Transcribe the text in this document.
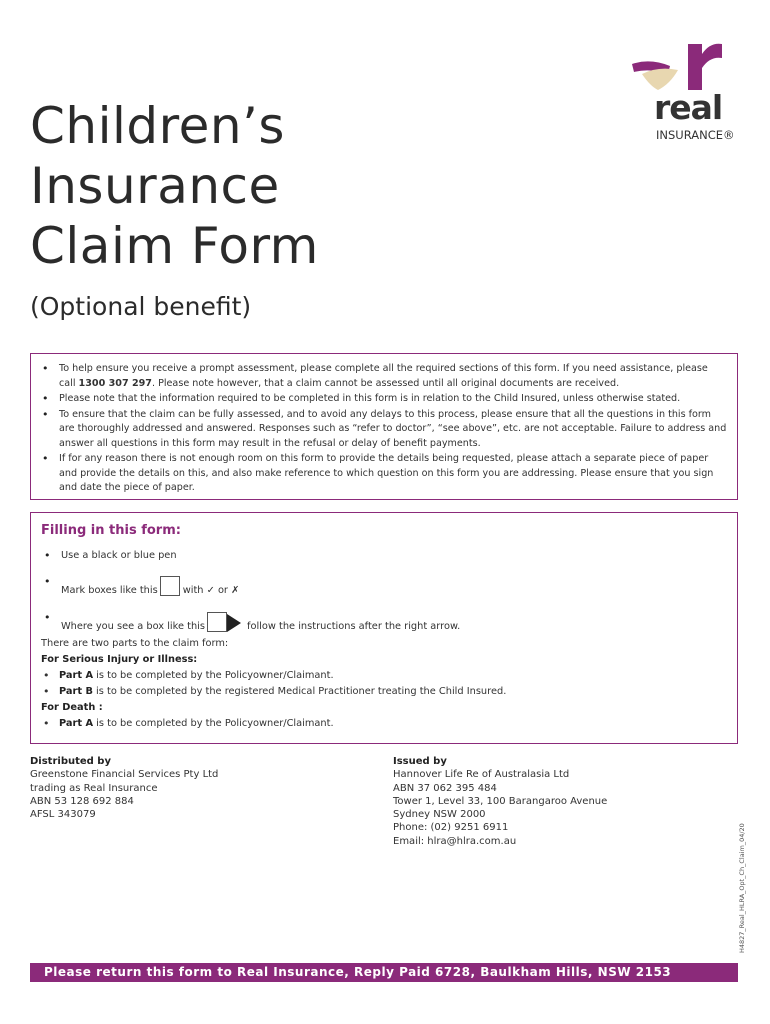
Children’s
Insurance
Claim Form
(Optional benefit)
real
INSURANCE®
• To help ensure you receive a prompt assessment, please complete all the required sections of this form. If you need assistance, please call 1300 307 297. Please note however, that a claim cannot be assessed until all original documents are received.
• Please note that the information required to be completed in this form is in relation to the Child Insured, unless otherwise stated.
• To ensure that the claim can be fully assessed, and to avoid any delays to this process, please ensure that all the questions in this form are thoroughly addressed and answered. Responses such as “refer to doctor”, “see above”, etc. are not acceptable. Failure to address and answer all questions in this form may result in the refusal or delay of benefit payments.
• If for any reason there is not enough room on this form to provide the details being requested, please attach a separate piece of paper and provide the details on this, and also make reference to which question on this form you are addressing. Please ensure that you sign and date the piece of paper.
Filling in this form:
• Use a black or blue pen
• Mark boxes like this	with ✓ or ✗
• Where you see a box like this	follow the instructions after the right arrow.
There are two parts to the claim form:
For Serious Injury or Illness:
• Part A is to be completed by the Policyowner/Claimant.
• Part B is to be completed by the registered Medical Practitioner treating the Child Insured.
For Death :
• Part A is to be completed by the Policyowner/Claimant.
Distributed by
Greenstone Financial Services Pty Ltd
trading as Real Insurance
ABN 53 128 692 884
AFSL 343079
Issued by
Hannover Life Re of Australasia Ltd
ABN 37 062 395 484
Tower 1, Level 33, 100 Barangaroo Avenue
Sydney NSW 2000
Phone: (02) 9251 6911
Email: hlra@hlra.com.au	H4827_Real_HLRA_Opt_Ch_Claim_04/20
Please return this form to Real Insurance, Reply Paid 6728, Baulkham Hills, NSW 2153
